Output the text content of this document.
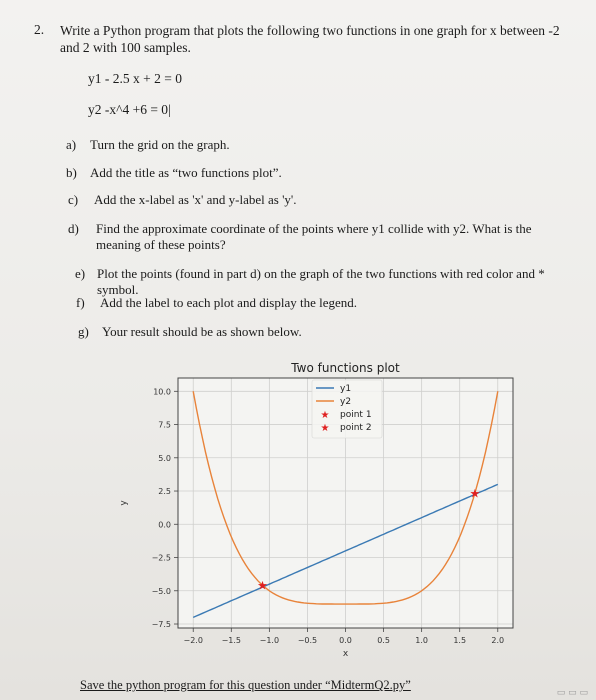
2. Write a Python program that plots the following two functions in one graph for x between -2 and 2 with 100 samples.
y1 - 2.5 x + 2 = 0
y2 -x^4 +6 = 0|
a) Turn the grid on the graph.
b) Add the title as “two functions plot”.
c) Add the x-label as 'x' and y-label as 'y'.
d) Find the approximate coordinate of the points where y1 collide with y2. What is the meaning of these points?
e) Plot the points (found in part d) on the graph of the two functions with red color and * symbol.
f) Add the label to each plot and display the legend.
g) Your result should be as shown below.
★
★
−2.0 −1.5 −1.0 −0.5	0.0	0.5	1.0	1.5	2.0
−7.5
−5.0
−2.5
0.0
2.5
5.0
7.5
10.0
Two functions plot
x
y
y1
y2
★ point 1
★ point 2
Save the python program for this question under “MidtermQ2.py”
▭ ▭ ▭
